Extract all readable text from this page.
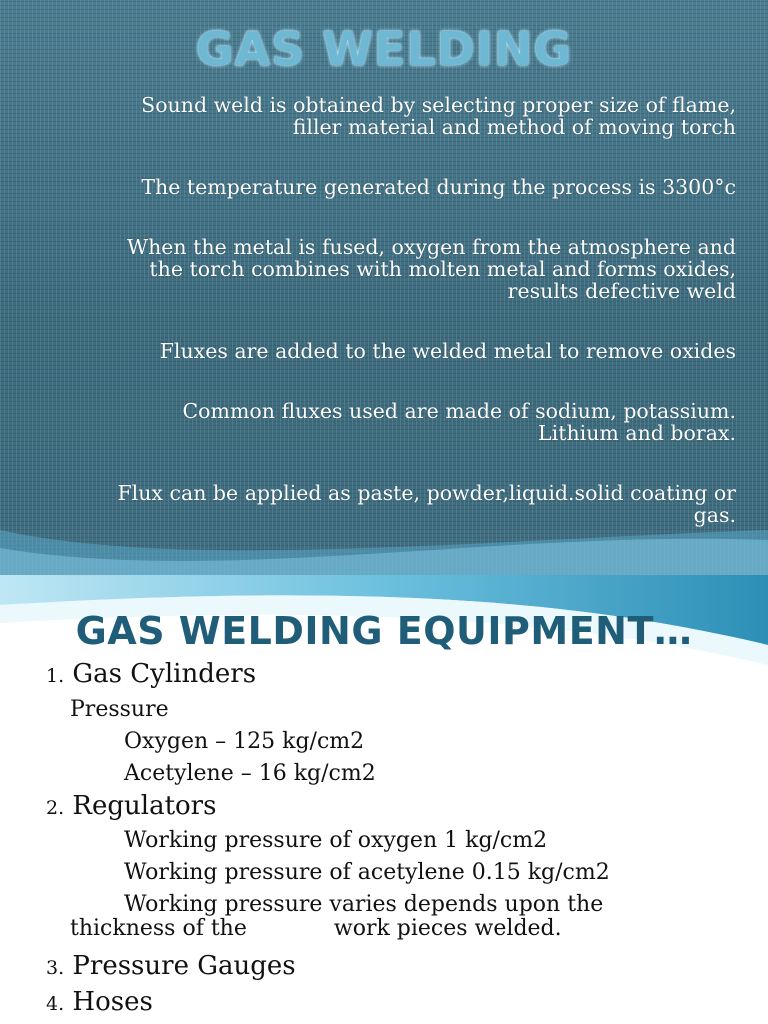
GAS WELDING

Sound weld is obtained by selecting proper size of flame,
filler material and method of moving torch

The temperature generated during the process is 3300°c

When the metal is fused, oxygen from the atmosphere and
the torch combines with molten metal and forms oxides,
results defective weld

Fluxes are added to the welded metal to remove oxides

Common fluxes used are made of sodium, potassium.
Lithium and borax.

Flux can be applied as paste, powder,liquid.solid coating or
gas.

GAS WELDING EQUIPMENT…
1. Gas Cylinders
Pressure
Oxygen – 125 kg/cm2
Acetylene – 16 kg/cm2
2. Regulators
Working pressure of oxygen 1 kg/cm2
Working pressure of acetylene 0.15 kg/cm2
Working pressure varies depends upon the
thickness of the	work pieces welded.
3. Pressure Gauges
4. Hoses
